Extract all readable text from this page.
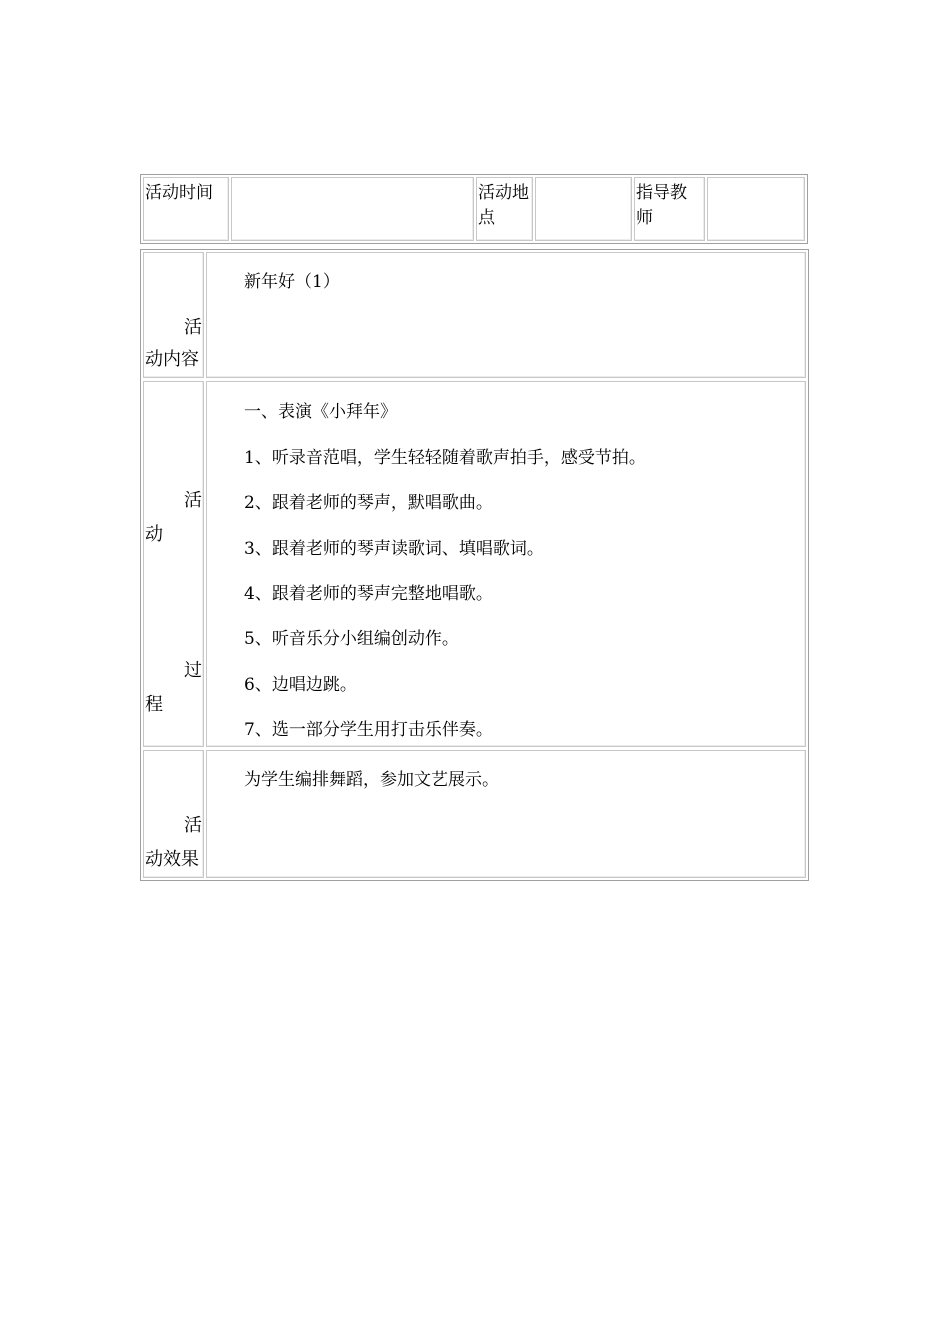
活动时间	活动地点
指导教师
活
动内容
新年好（1）
活
动
过
程
一、表演《小拜年》
1、听录音范唱，学生轻轻随着歌声拍手，感受节拍。
2、跟着老师的琴声，默唱歌曲。
3、跟着老师的琴声读歌词、填唱歌词。
4、跟着老师的琴声完整地唱歌。
5、听音乐分小组编创动作。
6、边唱边跳。
7、选一部分学生用打击乐伴奏。
活
动效果
为学生编排舞蹈，参加文艺展示。
